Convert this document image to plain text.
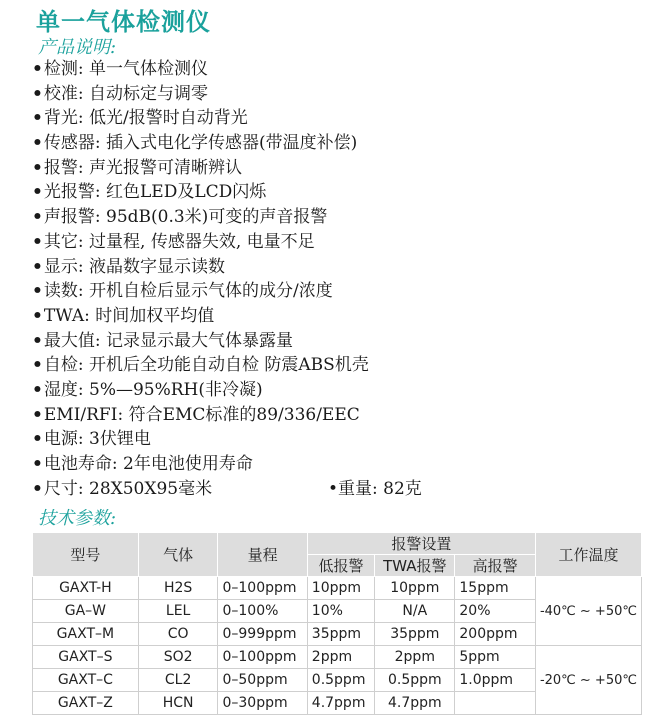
单一气体检测仪
产品说明:
•检测: 单一气体检测仪
•校准: 自动标定与调零
•背光: 低光/报警时自动背光
•传感器: 插入式电化学传感器(带温度补偿)
•报警: 声光报警可清晰辨认
•光报警: 红色LED及LCD闪烁
•声报警: 95dB(0.3米)可变的声音报警
•其它: 过量程, 传感器失效, 电量不足
•显示: 液晶数字显示读数
•读数: 开机自检后显示气体的成分/浓度
•TWA: 时间加权平均值
•最大值: 记录显示最大气体暴露量
•自检: 开机后全功能自动自检 防震ABS机壳
•湿度: 5%—95%RH(非冷凝)
•EMI/RFI: 符合EMC标准的89/336/EEC
•电源: 3伏锂电
•电池寿命: 2年电池使用寿命
•尺寸: 28X50X95毫米	•重量: 82克
技术参数:
型号	气体	量程	报警设置			工作温度
			低报警	TWA报警	高报警	
GAXT-H	H2S	0–100ppm	10ppm	10ppm	15ppm	-40℃ ~ +50℃
GA–W	LEL	0–100%	10%	N/A	20%	
GAXT–M	CO	0–999ppm	35ppm	35ppm	200ppm	
GAXT–S	SO2	0–100ppm	2ppm	2ppm	5ppm	-20℃ ~ +50℃
GAXT–C	CL2	0–50ppm	0.5ppm	0.5ppm	1.0ppm	
GAXT–Z	HCN	0–30ppm	4.7ppm	4.7ppm		
